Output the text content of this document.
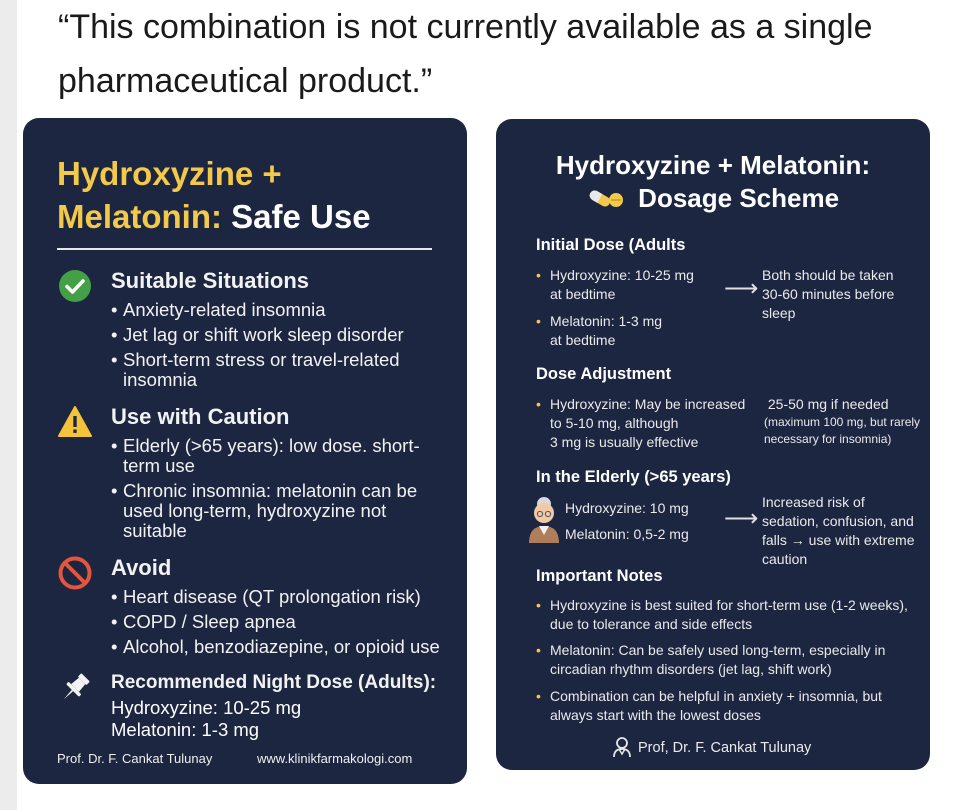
“This combination is not currently available as a single pharmaceutical product.”
Hydroxyzine +
Melatonin: Safe Use
Suitable Situations
• Anxiety-related insomnia
• Jet lag or shift work sleep disorder
• Short-term stress or travel-related insomnia
Use with Caution
• Elderly (>65 years): low dose. short-term use
• Chronic insomnia: melatonin can be used long-term, hydroxyzine not suitable
Avoid
• Heart disease (QT prolongation risk)
• COPD / Sleep apnea
• Alcohol, benzodiazepine, or opioid use
Recommended Night Dose (Adults):
Hydroxyzine: 10-25 mg
Melatonin: 1-3 mg
Prof. Dr. F. Cankat Tulunay	www.klinikfarmakologi.com
Hydroxyzine + Melatonin:
Dosage Scheme
Initial Dose (Adults
• Hydroxyzine: 10-25 mg
at bedtime
• Melatonin: 1-3 mg
at bedtime
⟶ Both should be taken 30-60 minutes before sleep
Dose Adjustment
• Hydroxyzine: May be increased
to 5-10 mg, although
3 mg is usually effective
⁥ 25-50 mg if needed
(maximum 100 mg, but rarely necessary for insomnia)
In the Elderly (>65 years)
Hydroxyzine: 10 mg
Melatonin: 0,5-2 mg
⟶
Increased risk of sedation, confusion, and falls → use with extreme caution
Important Notes
• Hydroxyzine is best suited for short-term use (1-2 weeks), due to tolerance and side effects
• Melatonin: Can be safely used long-term, especially in circadian rhythm disorders (jet lag, shift work)
• Combination can be helpful in anxiety + insomnia, but always start with the lowest doses
Prof, Dr. F. Cankat Tulunay
